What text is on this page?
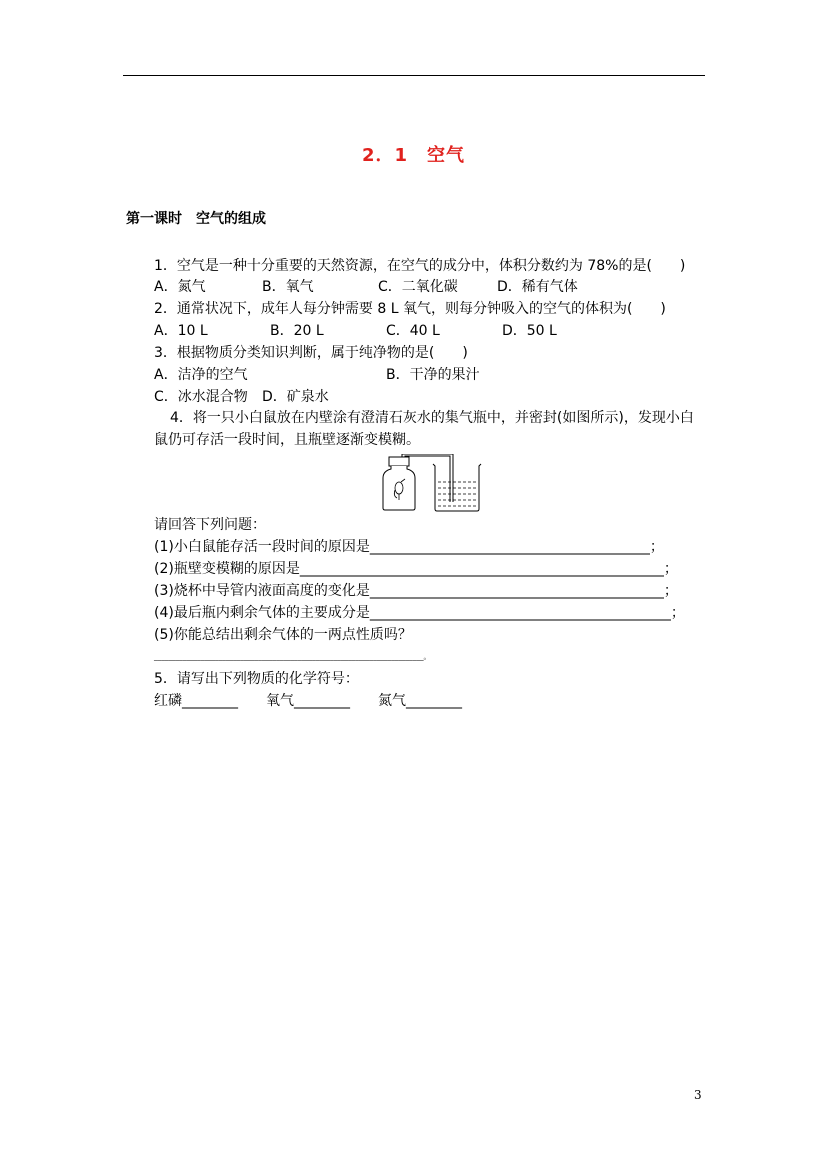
2．1　空气
第一课时　空气的组成
1．空气是一种十分重要的天然资源，在空气的成分中，体积分数约为 78%的是(　　)
A．氮气	B．氧气	C．二氧化碳	D．稀有气体
2．通常状况下，成年人每分钟需要 8 L 氧气，则每分钟吸入的空气的体积为(　　)
A．10 L	B．20 L	C．40 L	D．50 L
3．根据物质分类知识判断，属于纯净物的是(　　)
A．洁净的空气	B．干净的果汁
C．冰水混合物 D．矿泉水
4．将一只小白鼠放在内壁涂有澄清石灰水的集气瓶中，并密封(如图所示)，发现小白
鼠仍可存活一段时间，且瓶壁逐渐变模糊。
请回答下列问题：
(1)小白鼠能存活一段时间的原因是________________________________________；
(2)瓶壁变模糊的原因是____________________________________________________；
(3)烧杯中导管内液面高度的变化是__________________________________________；
(4)最后瓶内剩余气体的主要成分是___________________________________________；
(5)你能总结出剩余气体的一两点性质吗？
___________________________________________________________________________。
5．请写出下列物质的化学符号：
红磷________　　氧气________　　氮气________
3
